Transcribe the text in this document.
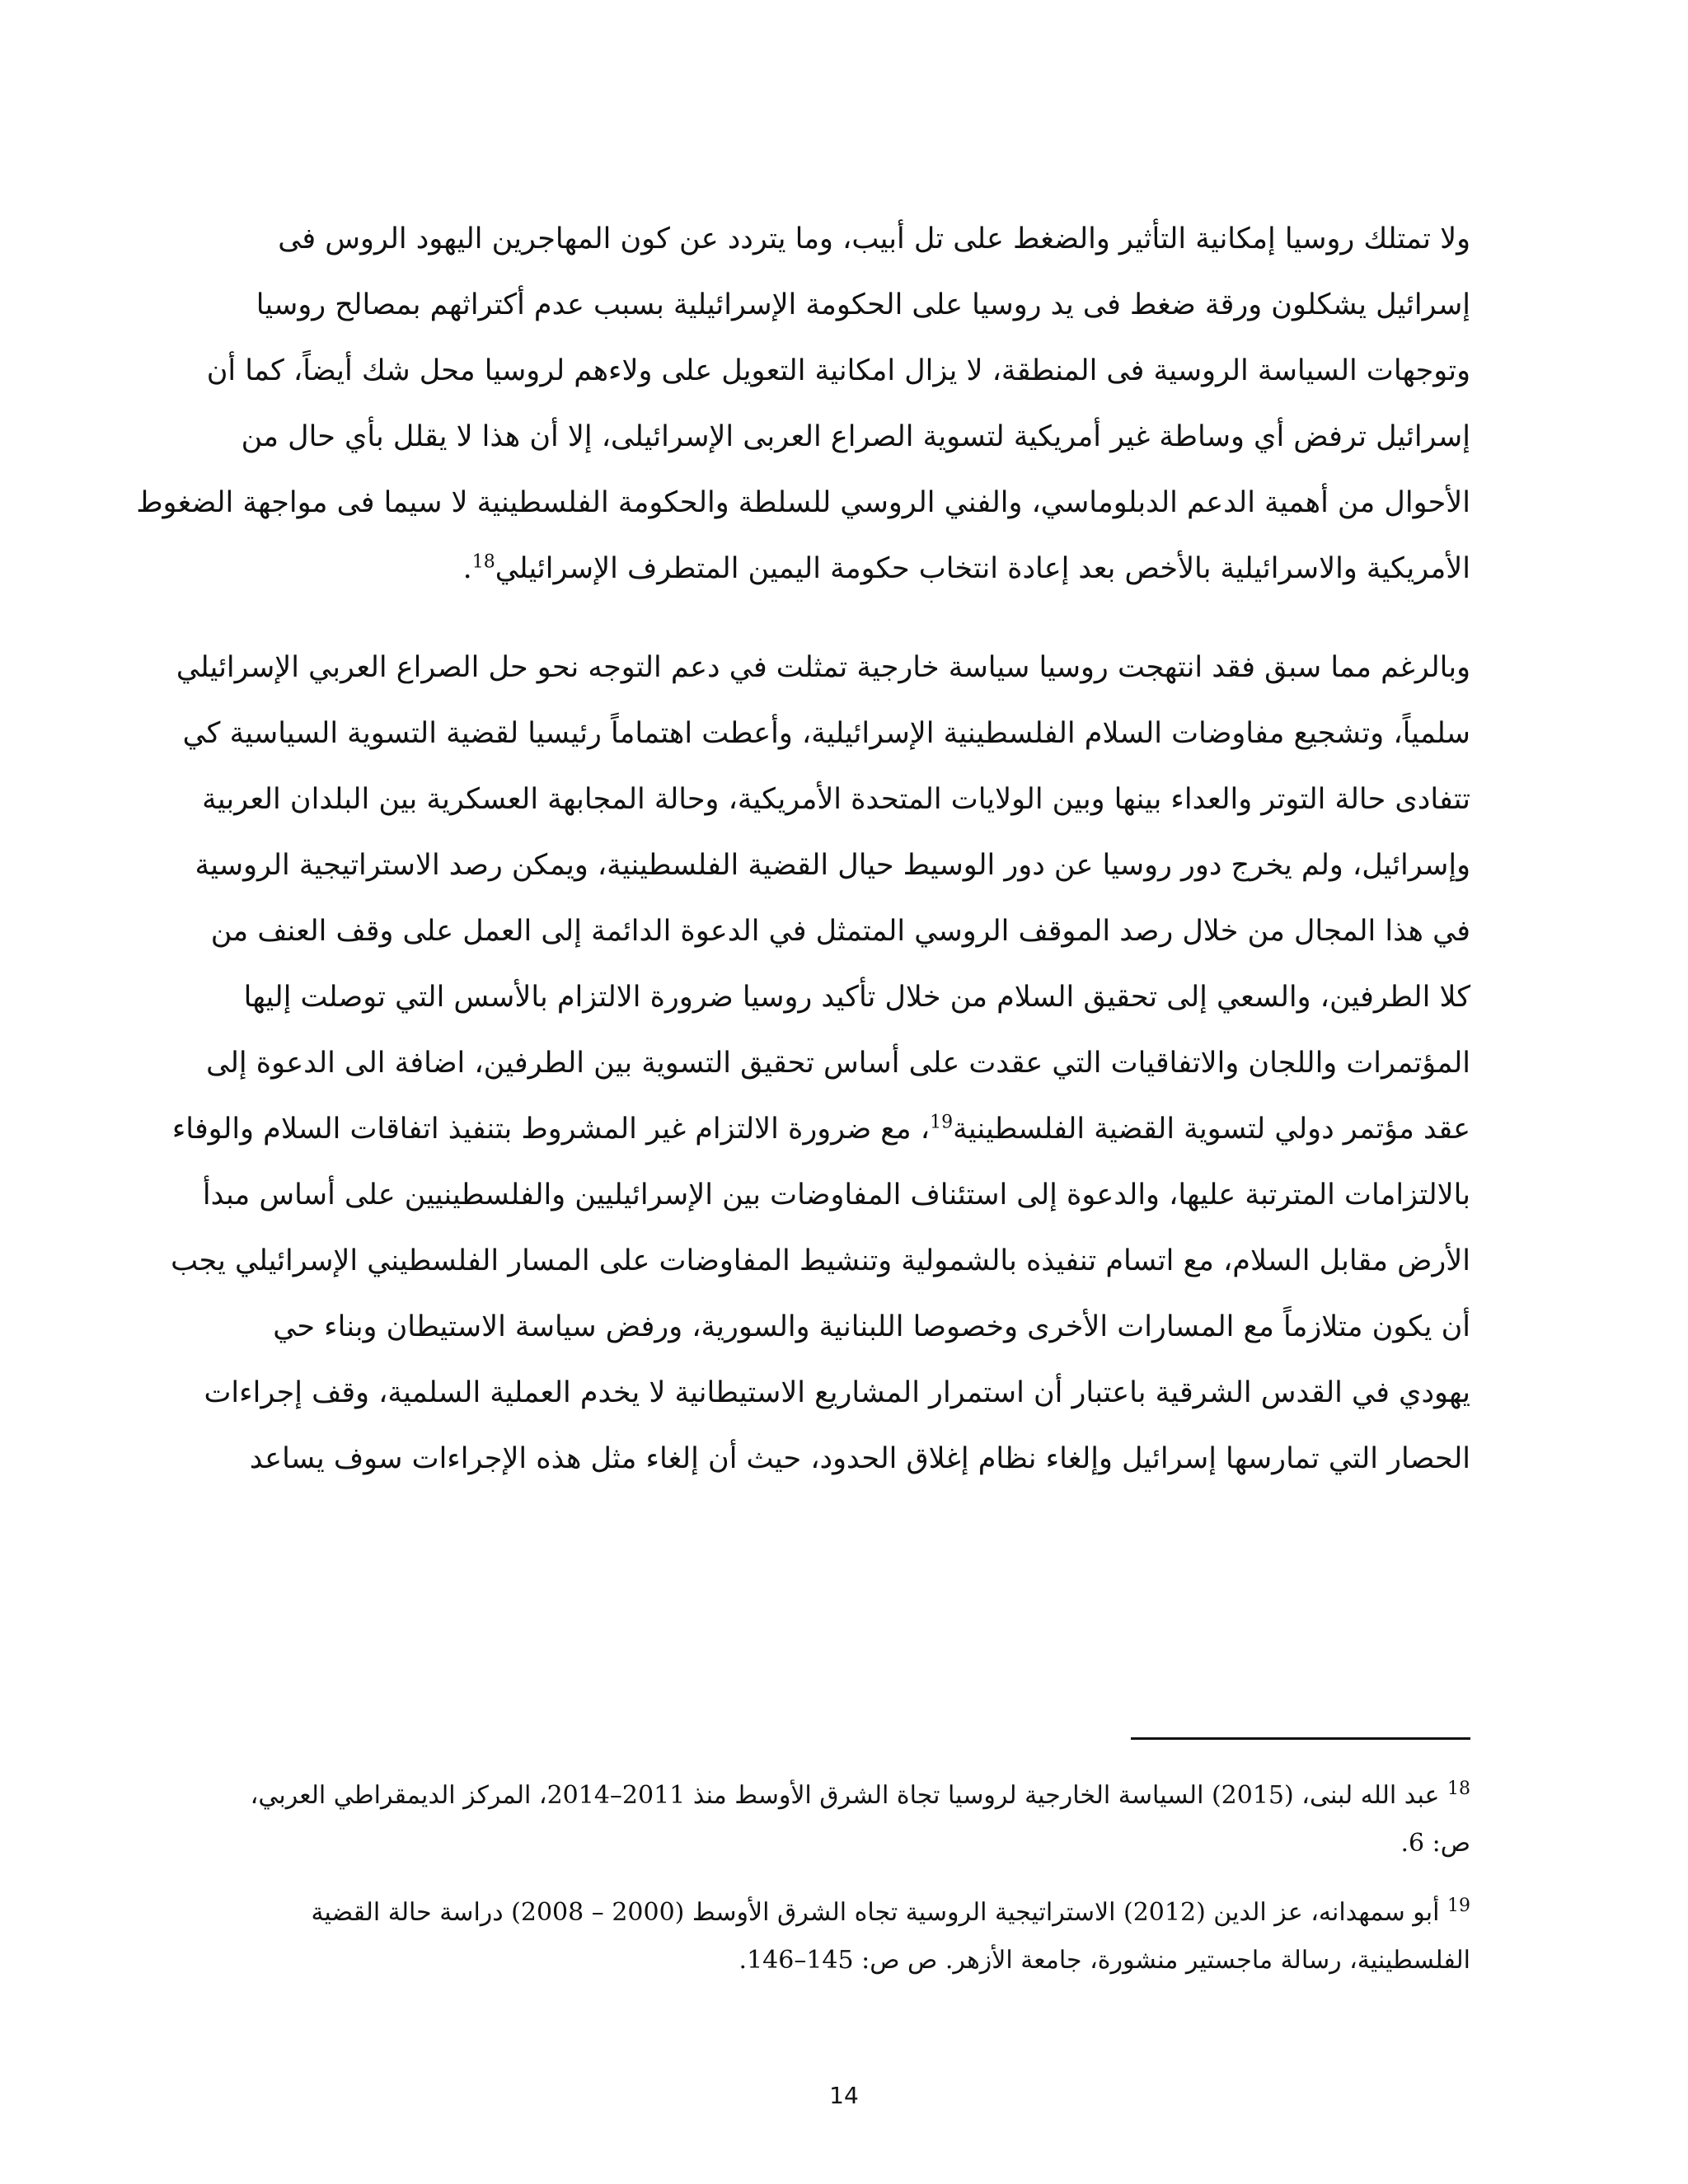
ولا تمتلك روسيا إمكانية التأثير والضغط على تل أبيب، وما يتردد عن كون المهاجرين اليهود الروس فى
إسرائيل يشكلون ورقة ضغط فى يد روسيا على الحكومة الإسرائيلية بسبب عدم أكتراثهم بمصالح روسيا
وتوجهات السياسة الروسية فى المنطقة، لا يزال امكانية التعويل على ولاءهم لروسيا محل شك أيضاً، كما أن
إسرائيل ترفض أي وساطة غير أمريكية لتسوية الصراع العربى الإسرائيلى، إلا أن هذا لا يقلل بأي حال من
الأحوال من أهمية الدعم الدبلوماسي، والفني الروسي للسلطة والحكومة الفلسطينية لا سيما فى مواجهة الضغوط
الأمريكية والاسرائيلية بالأخص بعد إعادة انتخاب حكومة اليمين المتطرف الإسرائيلي$^{18}$.
وبالرغم مما سبق فقد انتهجت روسيا سياسة خارجية تمثلت في دعم التوجه نحو حل الصراع العربي الإسرائيلي
سلمياً، وتشجيع مفاوضات السلام الفلسطينية الإسرائيلية، وأعطت اهتماماً رئيسيا لقضية التسوية السياسية كي
تتفادى حالة التوتر والعداء بينها وبين الولايات المتحدة الأمريكية، وحالة المجابهة العسكرية بين البلدان العربية
وإسرائيل، ولم يخرج دور روسيا عن دور الوسيط حيال القضية الفلسطينية، ويمكن رصد الاستراتيجية الروسية
في هذا المجال من خلال رصد الموقف الروسي المتمثل في الدعوة الدائمة إلى العمل على وقف العنف من
كلا الطرفين، والسعي إلى تحقيق السلام من خلال تأكيد روسيا ضرورة الالتزام بالأسس التي توصلت إليها
المؤتمرات واللجان والاتفاقيات التي عقدت على أساس تحقيق التسوية بين الطرفين، اضافة الى الدعوة إلى
عقد مؤتمر دولي لتسوية القضية الفلسطينية$^{19}$، مع ضرورة الالتزام غير المشروط بتنفيذ اتفاقات السلام والوفاء
بالالتزامات المترتبة عليها، والدعوة إلى استئناف المفاوضات بين الإسرائيليين والفلسطينيين على أساس مبدأ
الأرض مقابل السلام، مع اتسام تنفيذه بالشمولية وتنشيط المفاوضات على المسار الفلسطيني الإسرائيلي يجب
أن يكون متلازماً مع المسارات الأخرى وخصوصا اللبنانية والسورية، ورفض سياسة الاستيطان وبناء حي
يهودي في القدس الشرقية باعتبار أن استمرار المشاريع الاستيطانية لا يخدم العملية السلمية، وقف إجراءات
الحصار التي تمارسها إسرائيل وإلغاء نظام إغلاق الحدود، حيث أن إلغاء مثل هذه الإجراءات سوف يساعد
$^{18}$ عبد الله لبنى، (2015) السياسة الخارجية لروسيا تجاة الشرق الأوسط منذ 2011–2014، المركز الديمقراطي العربي،
ص: 6.
$^{19}$ أبو سمهدانه، عز الدين (2012) الاستراتيجية الروسية تجاه الشرق الأوسط (2000 – 2008) دراسة حالة القضية
الفلسطينية، رسالة ماجستير منشورة، جامعة الأزهر. ص ص: 145–146.
14
